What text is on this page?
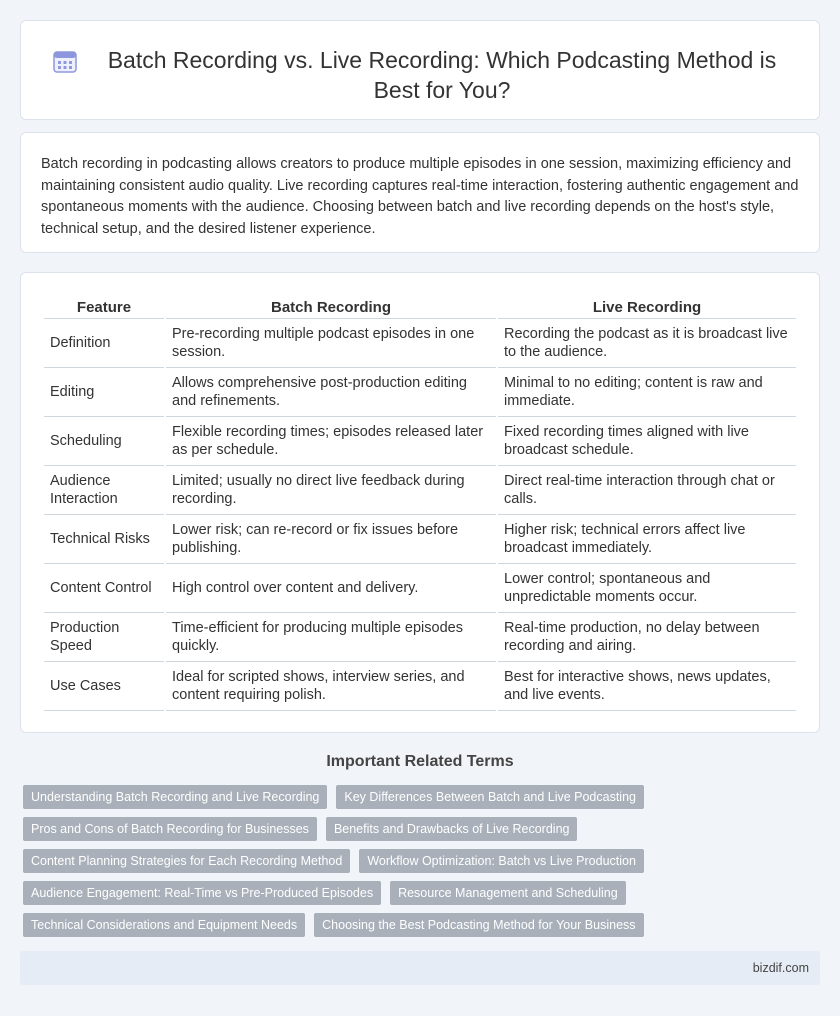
Batch Recording vs. Live Recording: Which Podcasting Method is Best for You?

Batch recording in podcasting allows creators to produce multiple episodes in one session, maximizing efficiency and maintaining consistent audio quality. Live recording captures real-time interaction, fostering authentic engagement and spontaneous moments with the audience. Choosing between batch and live recording depends on the host's style, technical setup, and the desired listener experience.

Feature	Batch Recording	Live Recording
Definition	Pre-recording multiple podcast episodes in one session.	Recording the podcast as it is broadcast live to the audience.
Editing	Allows comprehensive post-production editing and refinements.	Minimal to no editing; content is raw and immediate.
Scheduling	Flexible recording times; episodes released later as per schedule.	Fixed recording times aligned with live broadcast schedule.
Audience Interaction	Limited; usually no direct live feedback during recording.	Direct real-time interaction through chat or calls.
Technical Risks	Lower risk; can re-record or fix issues before publishing.	Higher risk; technical errors affect live broadcast immediately.
Content Control	High control over content and delivery.	Lower control; spontaneous and unpredictable moments occur.
Production Speed	Time-efficient for producing multiple episodes quickly.	Real-time production, no delay between recording and airing.
Use Cases	Ideal for scripted shows, interview series, and content requiring polish.	Best for interactive shows, news updates, and live events.
Important Related Terms
Understanding Batch Recording and Live Recording	Key Differences Between Batch and Live Podcasting
Pros and Cons of Batch Recording for Businesses	Benefits and Drawbacks of Live Recording
Content Planning Strategies for Each Recording Method	Workflow Optimization: Batch vs Live Production
Audience Engagement: Real-Time vs Pre-Produced Episodes	Resource Management and Scheduling
Technical Considerations and Equipment Needs	Choosing the Best Podcasting Method for Your Business
bizdif.com
